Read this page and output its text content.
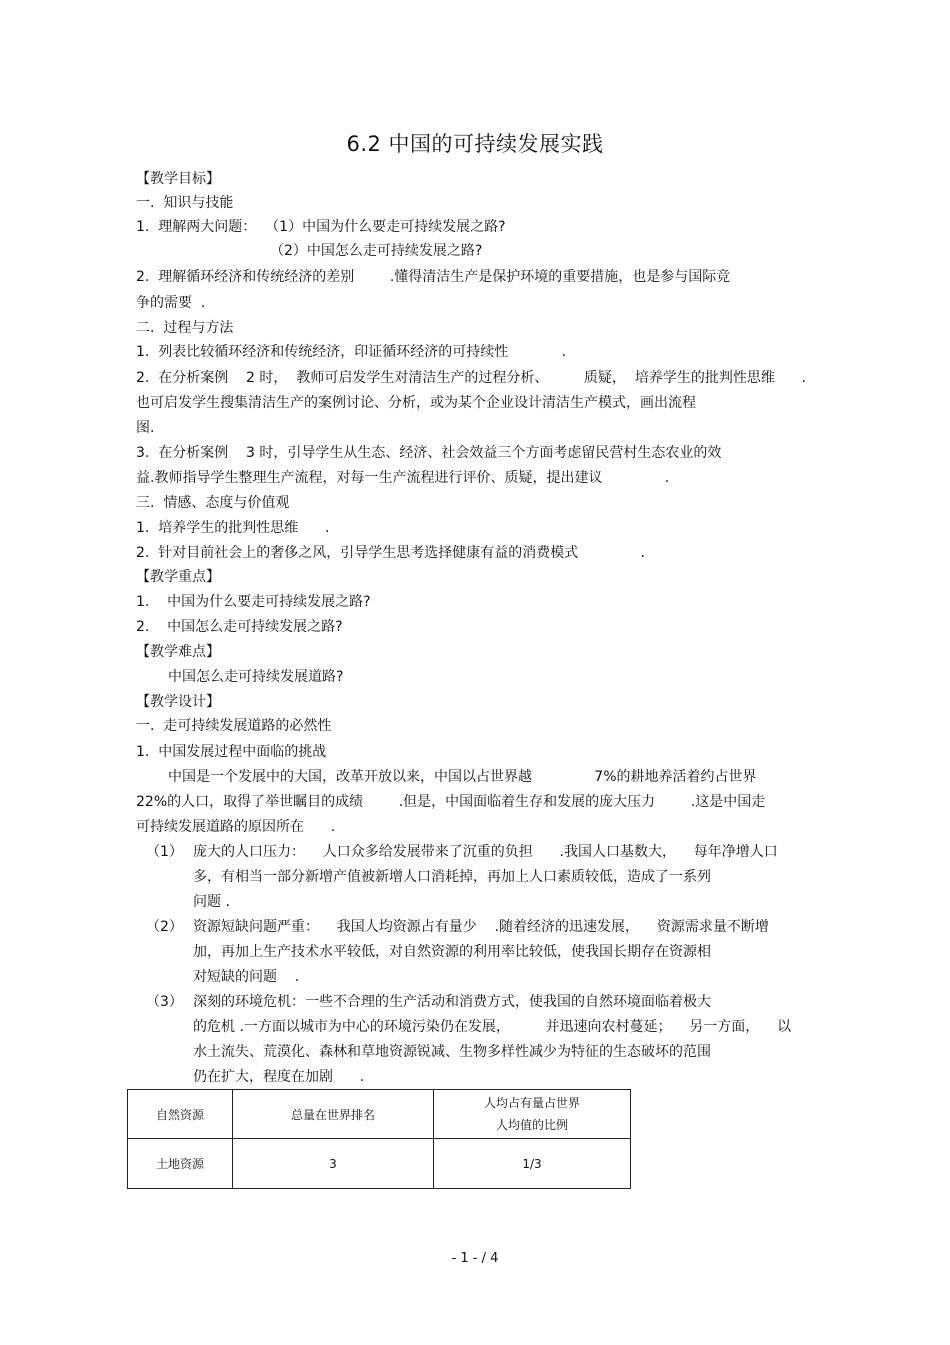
6.2 中国的可持续发展实践
【教学目标】
一.  知识与技能
1.  理解两大问题：  （1）中国为什么要走可持续发展之路?
（2）中国怎么走可持续发展之路?
2.  理解循环经济和传统经济的差别        .懂得清洁生产是保护环境的重要措施，也是参与国际竞
争的需要  .
二.  过程与方法
1.  列表比较循环经济和传统经济，印证循环经济的可持续性            .
2.  在分析案例    2 时，  教师可启发学生对清洁生产的过程分析、        质疑，  培养学生的批判性思维      .
也可启发学生搜集清洁生产的案例讨论、分析，或为某个企业设计清洁生产模式，画出流程
图.
3.  在分析案例    3 时，引导学生从生态、经济、社会效益三个方面考虑留民营村生态农业的效
益.教师指导学生整理生产流程，对每一生产流程进行评价、质疑，提出建议              .
三.  情感、态度与价值观
1.  培养学生的批判性思维      .
2.  针对目前社会上的奢侈之风，引导学生思考选择健康有益的消费模式              .
【教学重点】
1.    中国为什么要走可持续发展之路?
2.    中国怎么走可持续发展之路?
【教学难点】
中国怎么走可持续发展道路?
【教学设计】
一.  走可持续发展道路的必然性
1.  中国发展过程中面临的挑战
中国是一个发展中的大国，改革开放以来，中国以占世界越              7%的耕地养活着约占世界
22%的人口，取得了举世瞩目的成绩        .但是，中国面临着生存和发展的庞大压力        .这是中国走
可持续发展道路的原因所在      .
（1） 庞大的人口压力：    人口众多给发展带来了沉重的负担      .我国人口基数大，    每年净增人口
多，有相当一部分新增产值被新增人口消耗掉，再加上人口素质较低，造成了一系列
问题 .
（2） 资源短缺问题严重：    我国人均资源占有量少    .随着经济的迅速发展，    资源需求量不断增
加，再加上生产技术水平较低，对自然资源的利用率比较低，使我国长期存在资源相
对短缺的问题    .
（3） 深刻的环境危机：一些不合理的生产活动和消费方式，使我国的自然环境面临着极大
的危机 .一方面以城市为中心的环境污染仍在发展，        并迅速向农村蔓延；    另一方面，    以
水土流失、荒漠化、森林和草地资源锐减、生物多样性减少为特征的生态破坏的范围
仍在扩大，程度在加剧      .
自然资源	总量在世界排名	人均占有量占世界
人均值的比例

土地资源	3	1/3
- 1 - / 4
